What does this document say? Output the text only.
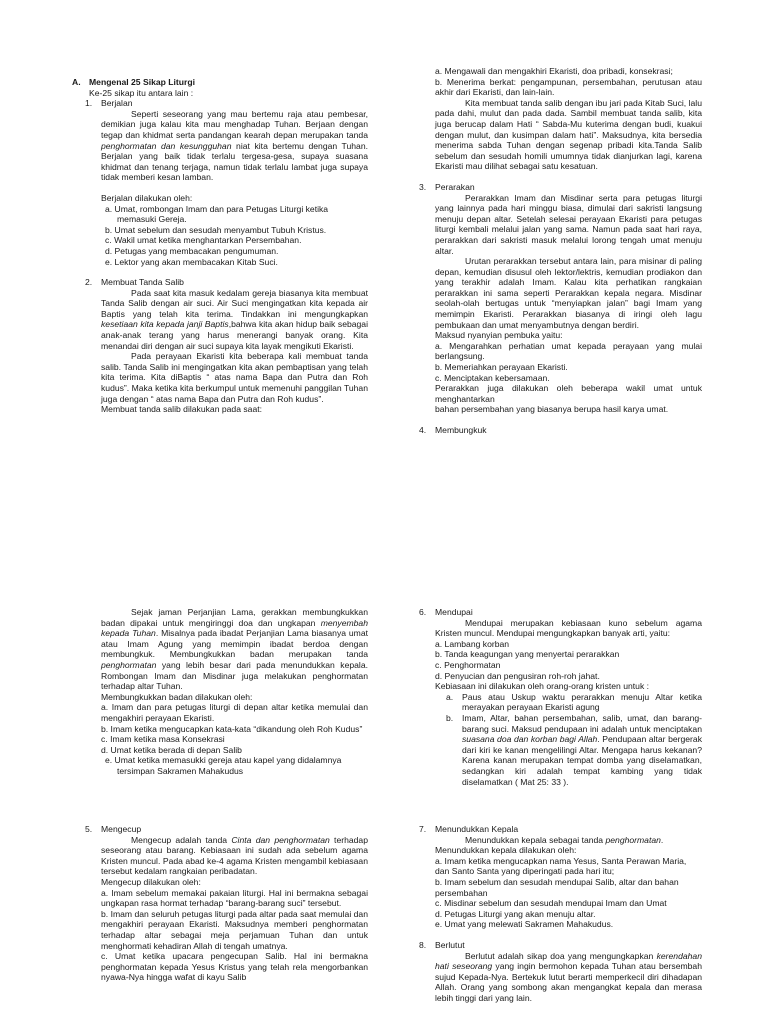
A. Mengenal 25 Sikap Liturgi

Ke-25 sikap itu antara lain :

1.	Berjalan

Seperti seseorang yang mau bertemu raja atau pembesar, demikian juga kalau kita mau menghadap Tuhan. Berjaan dengan tegap dan khidmat serta pandangan kearah depan merupakan tanda penghormatan dan kesungguhan niat kita bertemu dengan Tuhan. Berjalan yang baik tidak terlalu tergesa-gesa, supaya suasana khidmat dan tenang terjaga, namun tidak terlalu lambat juga supaya tidak memberi kesan lamban.

Berjalan dilakukan oleh:

a. Umat, rombongan Imam dan para Petugas Liturgi ketika memasuki Gereja.

b. Umat sebelum dan sesudah menyambut Tubuh Kristus.

c. Wakil umat ketika menghantarkan Persembahan.

d. Petugas yang membacakan pengumuman.

e. Lektor yang akan membacakan Kitab Suci.

2.	Membuat Tanda Salib

Pada saat kita masuk kedalam gereja biasanya kita membuat Tanda Salib dengan air suci. Air Suci mengingatkan kita kepada air Baptis yang telah kita terima. Tindakkan ini mengungkapkan kesetiaan kita kepada janji Baptis,bahwa kita akan hidup baik sebagai anak-anak terang yang harus menerangi banyak orang. Kita menandai diri dengan air suci supaya kita layak mengikuti Ekaristi.

Pada perayaan Ekaristi kita beberapa kali membuat tanda salib. Tanda Salib ini mengingatkan kita akan pembaptisan yang telah kita terima. Kita diBaptis “ atas nama Bapa dan Putra dan Roh kudus”. Maka ketika kita berkumpul untuk memenuhi panggilan Tuhan juga dengan “ atas nama Bapa dan Putra dan Roh kudus”.

Membuat tanda salib dilakukan pada saat:

Sejak jaman Perjanjian Lama, gerakkan membungkukkan badan dipakai untuk mengiringgi doa dan ungkapan menyembah kepada Tuhan. Misalnya pada ibadat Perjanjian Lama biasanya umat atau Imam Agung yang memimpin ibadat berdoa dengan membungkuk. Membungkukkan badan merupakan tanda penghormatan yang lebih besar dari pada menundukkan kepala. Rombongan Imam dan Misdinar juga melakukan penghormatan terhadap altar Tuhan.

Membungkukkan badan dilakukan oleh:

a. Imam dan para petugas liturgi di depan altar ketika memulai dan mengakhiri perayaan Ekaristi.

b. Imam ketika mengucapkan kata-kata “dikandung oleh Roh Kudus”

c. Imam ketika masa Konsekrasi

d. Umat ketika berada di depan Salib

e. Umat ketika memasukki gereja atau kapel yang didalamnya tersimpan Sakramen Mahakudus

5.	Mengecup

Mengecup adalah tanda Cinta dan penghormatan terhadap seseorang atau barang. Kebiasaan ini sudah ada sebelum agama Kristen muncul. Pada abad ke-4 agama Kristen mengambil kebiasaan tersebut kedalam rangkaian peribadatan.

Mengecup dilakukan oleh:

a. Imam sebelum memakai pakaian liturgi. Hal ini bermakna sebagai ungkapan rasa hormat terhadap “barang-barang suci” tersebut.

b. Imam dan seluruh petugas liturgi pada altar pada saat memulai dan mengakhiri perayaan Ekaristi. Maksudnya memberi penghormatan terhadap altar sebagai meja perjamuan Tuhan dan untuk menghormati kehadiran Allah di tengah umatnya.

c. Umat ketika upacara pengecupan Salib. Hal ini bermakna penghormatan kepada Yesus Kristus yang telah rela mengorbankan nyawa-Nya hingga wafat di kayu Salib

a. Mengawali dan mengakhiri Ekaristi, doa pribadi, konsekrasi;

b. Menerima berkat: pengampunan, persembahan, perutusan atau akhir dari Ekaristi, dan lain-lain.

Kita membuat tanda salib dengan ibu jari pada Kitab Suci, lalu pada dahi, mulut dan pada dada. Sambil membuat tanda salib, kita juga berucap dalam Hati “ Sabda-Mu kuterima dengan budi, kuakui dengan mulut, dan kusimpan dalam hati”. Maksudnya, kita bersedia menerima sabda Tuhan dengan segenap pribadi kita.Tanda Salib sebelum dan sesudah homili umumnya tidak dianjurkan lagi, karena Ekaristi mau dilihat sebagai satu kesatuan.

3.	Perarakan

Perarakkan Imam dan Misdinar serta para petugas liturgi yang lainnya pada hari minggu biasa, dimulai dari sakristi langsung menuju depan altar. Setelah selesai perayaan Ekaristi para petugas liturgi kembali melalui jalan yang sama. Namun pada saat hari raya, perarakkan dari sakristi masuk melalui lorong tengah umat menuju altar.

Urutan perarakkan tersebut antara lain, para misinar di paling depan, kemudian disusul oleh lektor/lektris, kemudian prodiakon dan yang terakhir adalah Imam. Kalau kita perhatikan rangkaian perarakkan ini sama seperti Perarakkan kepala negara. Misdinar seolah-olah bertugas untuk “menyiapkan jalan” bagi Imam yang memimpin Ekaristi. Perarakkan biasanya di iringi oleh lagu pembukaan dan umat menyambutnya dengan berdiri.

Maksud nyanyian pembuka yaitu:

a. Mengarahkan perhatian umat kepada perayaan yang mulai berlangsung.

b. Memeriahkan perayaan Ekaristi.

c. Menciptakan kebersamaan.

Perarakkan juga dilakukan oleh beberapa wakil umat untuk menghantarkan

bahan persembahan yang biasanya berupa hasil karya umat.

4.	Membungkuk
6.	Mendupai

Mendupai merupakan kebiasaan kuno sebelum agama Kristen muncul. Mendupai mengungkapkan banyak arti, yaitu:

a. Lambang korban

b. Tanda keagungan yang menyertai perarakkan

c. Penghormatan

d. Penyucian dan pengusiran roh-roh jahat.

Kebiasaan ini dilakukan oleh orang-orang kristen untuk :

a.	Paus atau Uskup waktu perarakkan menuju Altar ketika merayakan perayaan Ekaristi agung
b.	Imam, Altar, bahan persembahan, salib, umat, dan barang-barang suci. Maksud pendupaan ini adalah untuk menciptakan suasana doa dan korban bagi Allah. Pendupaan altar bergerak dari kiri ke kanan mengelilingi Altar. Mengapa harus kekanan? Karena kanan merupakan tempat domba yang diselamatkan, sedangkan kiri adalah tempat kambing yang tidak diselamatkan ( Mat 25: 33 ).
7.	Menundukkan Kepala

Menundukkan kepala sebagai tanda penghormatan.

Menundukkan kepala dilakukan oleh:

a. Imam ketika mengucapkan nama Yesus, Santa Perawan Maria, dan Santo Santa yang diperingati pada hari itu;

b. Imam sebelum dan sesudah mendupai Salib, altar dan bahan persembahan

c. Misdinar sebelum dan sesudah mendupai Imam dan Umat

d. Petugas Liturgi yang akan menuju altar.

e. Umat yang melewati Sakramen Mahakudus.

8.	Berlutut

Berlutut adalah sikap doa yang mengungkapkan kerendahan hati seseorang yang ingin bermohon kepada Tuhan atau bersembah sujud Kepada-Nya. Bertekuk lutut berarti memperkecil diri dihadapan Allah. Orang yang sombong akan mengangkat kepala dan merasa lebih tinggi dari yang lain.
